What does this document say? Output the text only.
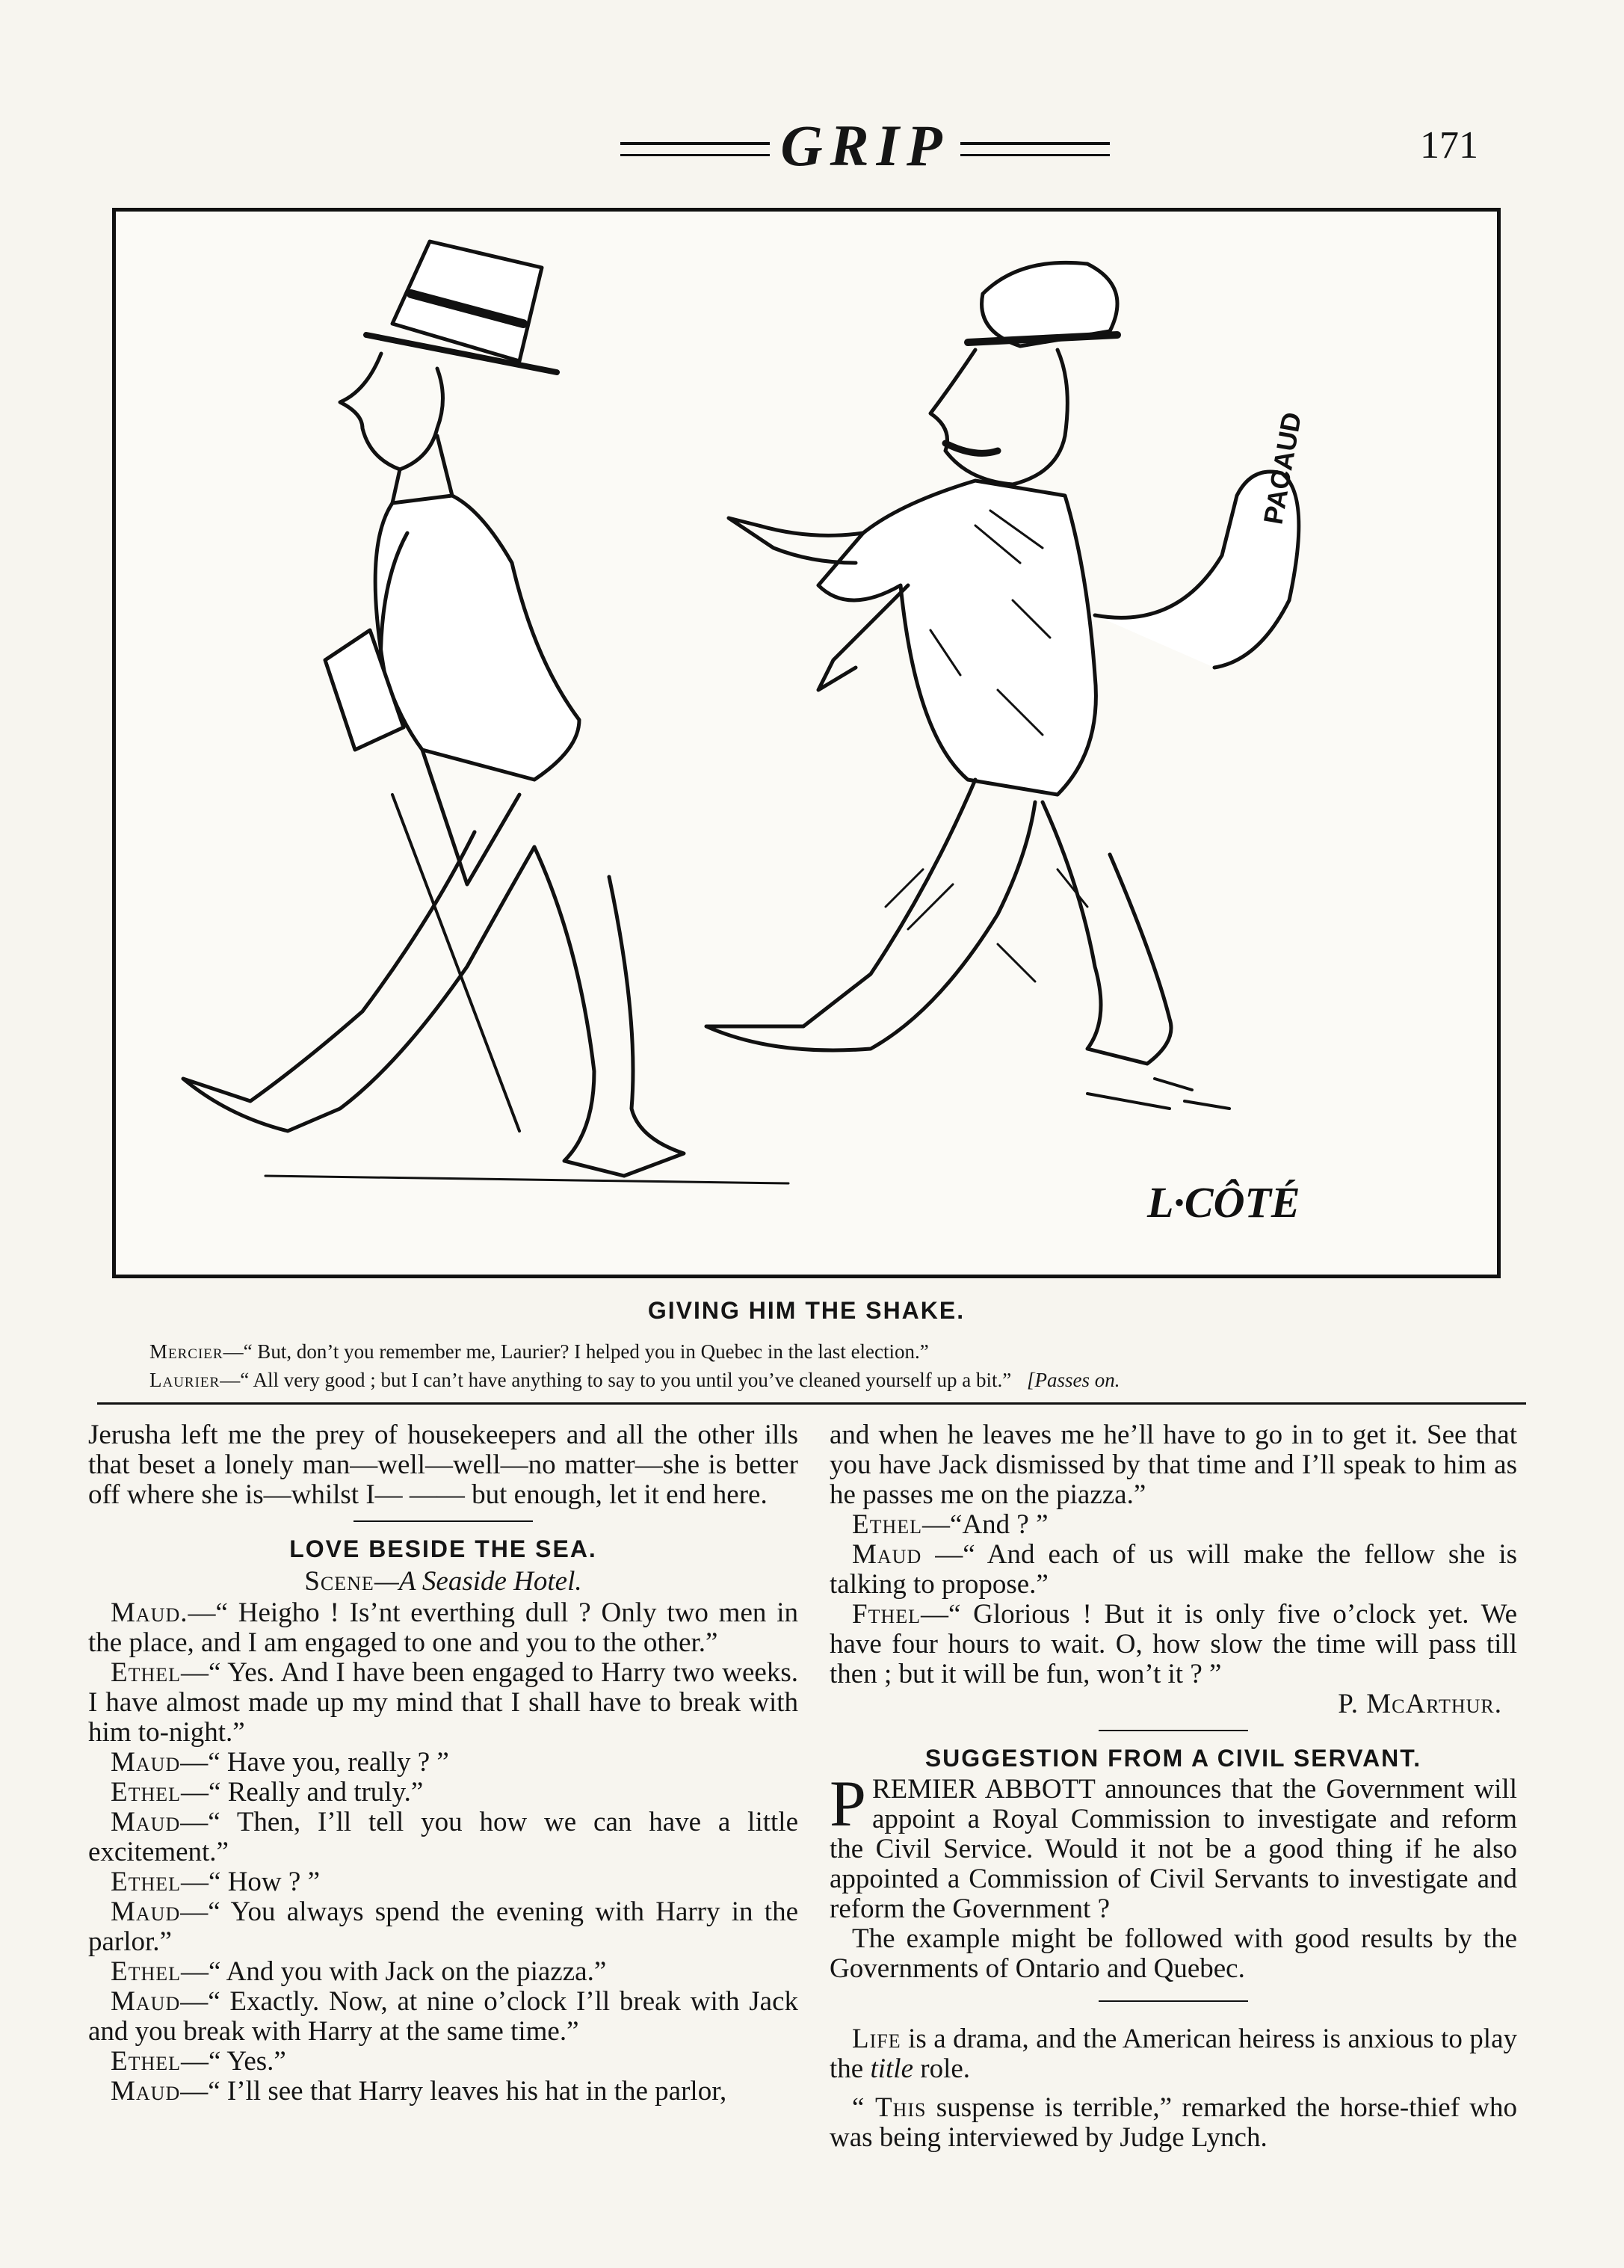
GRIP	171
PACAUD
L·CÔTÉ
GIVING HIM THE SHAKE.
Mercier—“ But, don’t you remember me, Laurier? I helped you in Quebec in the last election.”
Laurier—“ All very good ; but I can’t have anything to say to you until you’ve cleaned yourself up a bit.” [Passes on.
Jerusha left me the prey of housekeepers and all the other ills that beset a lonely man—well—well—no matter—she is better off where she is—whilst I— —— but enough, let it end here.
LOVE BESIDE THE SEA.
Scene—A Seaside Hotel.
Maud.—“ Heigho ! Is’nt everthing dull ? Only two men in the place, and I am engaged to one and you to the other.”
Ethel—“ Yes. And I have been engaged to Harry two weeks. I have almost made up my mind that I shall have to break with him to-night.”
Maud—“ Have you, really ? ”
Ethel—“ Really and truly.”
Maud—“ Then, I’ll tell you how we can have a little excitement.”
Ethel—“ How ? ”
Maud—“ You always spend the evening with Harry in the parlor.”
Ethel—“ And you with Jack on the piazza.”
Maud—“ Exactly. Now, at nine o’clock I’ll break with Jack and you break with Harry at the same time.”
Ethel—“ Yes.”
Maud—“ I’ll see that Harry leaves his hat in the parlor,
and when he leaves me he’ll have to go in to get it. See that you have Jack dismissed by that time and I’ll speak to him as he passes me on the piazza.”
Ethel—“And ? ”
Maud —“ And each of us will make the fellow she is talking to propose.”
Fthel—“ Glorious ! But it is only five o’clock yet. We have four hours to wait. O, how slow the time will pass till then ; but it will be fun, won’t it ? ”
P. McArthur.
SUGGESTION FROM A CIVIL SERVANT.
PREMIER ABBOTT announces that the Government will appoint a Royal Commission to investigate and reform the Civil Service. Would it not be a good thing if he also appointed a Commission of Civil Servants to investigate and reform the Government ?
The example might be followed with good results by the Governments of Ontario and Quebec.
Life is a drama, and the American heiress is anxious to play the title role.
“ This suspense is terrible,” remarked the horse-thief who was being interviewed by Judge Lynch.
